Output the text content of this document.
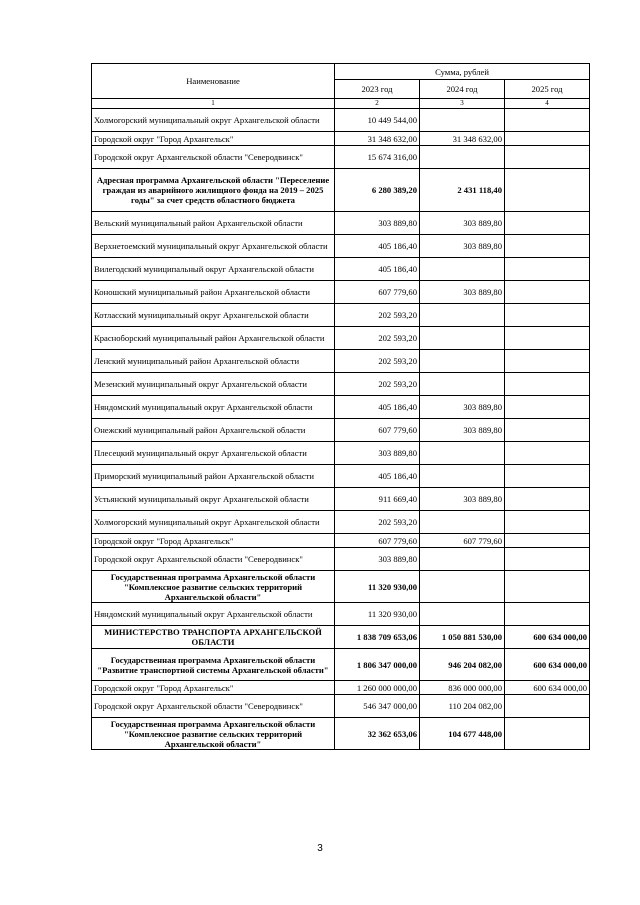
Наименование	Сумма, рублей		
	2023 год	2024 год	2025 год
1	2	3	4
Холмогорский муниципальный округ Архангельской области	10 449 544,00		
Городской округ "Город Архангельск"	31 348 632,00	31 348 632,00	
Городской округ Архангельской области "Северодвинск"	15 674 316,00		
Адресная программа Архангельской области "Переселение граждан из аварийного жилищного фонда на 2019 – 2025 годы" за счет средств областного бюджета	6 280 389,20	2 431 118,40	
Вельский муниципальный район Архангельской области	303 889,80	303 889,80	
Верхнетоемский муниципальный округ Архангельской области	405 186,40	303 889,80	
Вилегодский муниципальный округ Архангельской области	405 186,40		
Коношский муниципальный район Архангельской области	607 779,60	303 889,80	
Котласский муниципальный округ Архангельской области	202 593,20		
Красноборский муниципальный район Архангельской области	202 593,20		
Ленский муниципальный район Архангельской области	202 593,20		
Мезенский муниципальный округ Архангельской области	202 593,20		
Няндомский муниципальный округ Архангельской области	405 186,40	303 889,80	
Онежский муниципальный район Архангельской области	607 779,60	303 889,80	
Плесецкий муниципальный округ Архангельской области	303 889,80		
Приморский муниципальный район Архангельской области	405 186,40		
Устьянский муниципальный округ Архангельской области	911 669,40	303 889,80	
Холмогорский муниципальный округ Архангельской области	202 593,20		
Городской округ "Город Архангельск"	607 779,60	607 779,60	
Городской округ Архангельской области "Северодвинск"	303 889,80		
Государственная программа Архангельской области "Комплексное развитие сельских территорий Архангельской области"	11 320 930,00		
Няндомский муниципальный округ Архангельской области	11 320 930,00		
МИНИСТЕРСТВО ТРАНСПОРТА АРХАНГЕЛЬСКОЙ ОБЛАСТИ	1 838 709 653,06	1 050 881 530,00	600 634 000,00
Государственная программа Архангельской области "Развитие транспортной системы Архангельской области"	1 806 347 000,00	946 204 082,00	600 634 000,00
Городской округ "Город Архангельск"	1 260 000 000,00	836 000 000,00	600 634 000,00
Городской округ Архангельской области "Северодвинск"	546 347 000,00	110 204 082,00	
Государственная программа Архангельской области "Комплексное развитие сельских территорий Архангельской области"	32 362 653,06	104 677 448,00	
3
